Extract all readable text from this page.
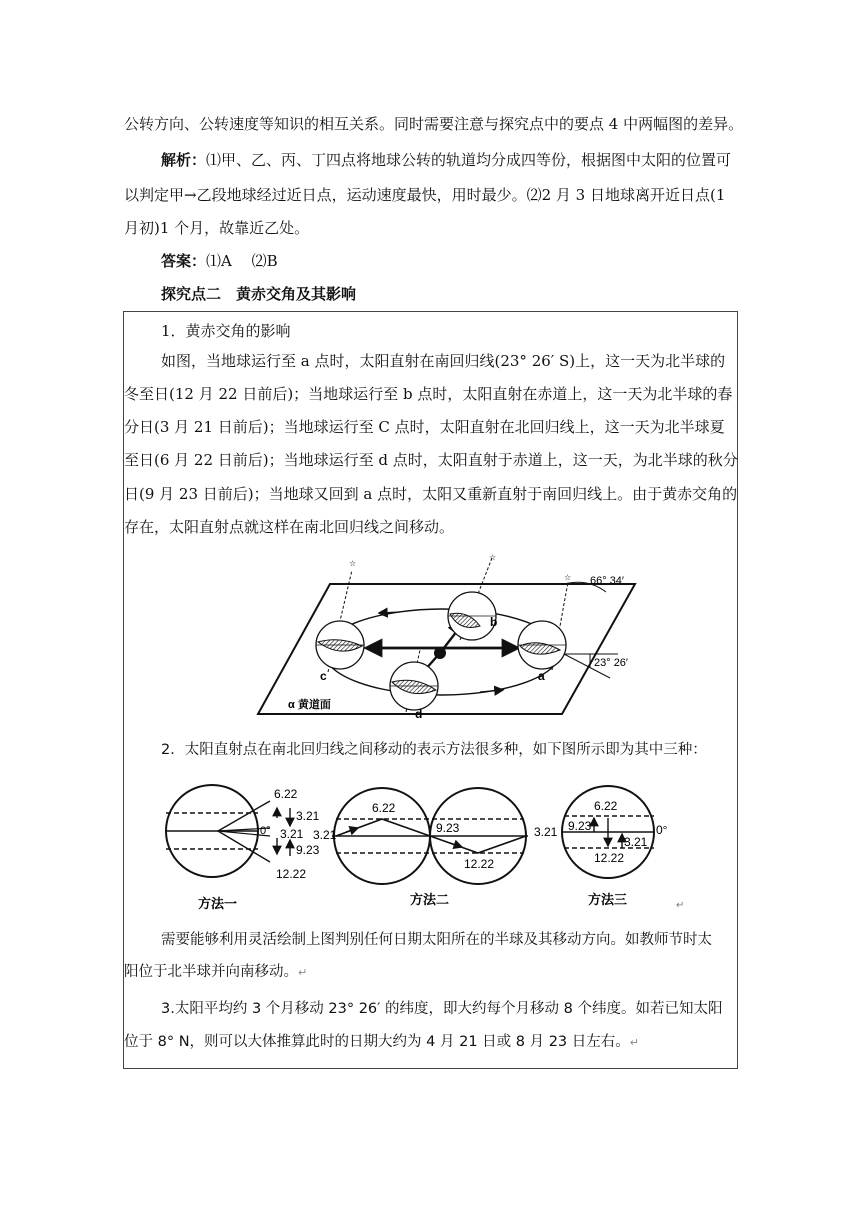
公转方向、公转速度等知识的相互关系。同时需要注意与探究点中的要点 4 中两幅图的差异。
解析：⑴甲、乙、丙、丁四点将地球公转的轨道均分成四等份，根据图中太阳的位置可
以判定甲→乙段地球经过近日点，运动速度最快，用时最少。⑵2 月 3 日地球离开近日点(1
月初)1 个月，故靠近乙处。
答案：⑴A　 ⑵B
探究点二　黄赤交角及其影响
1．黄赤交角的影响
如图，当地球运行至 a 点时，太阳直射在南回归线(23° 26′ S)上，这一天为北半球的
冬至日(12 月 22 日前后)；当地球运行至 b 点时，太阳直射在赤道上，这一天为北半球的春
分日(3 月 21 日前后)；当地球运行至 C 点时，太阳直射在北回归线上，这一天为北半球夏
至日(6 月 22 日前后)；当地球运行至 d 点时，太阳直射于赤道上，这一天，为北半球的秋分
日(9 月 23 日前后)；当地球又回到 a 点时，太阳又重新直射于南回归线上。由于黄赤交角的
存在，太阳直射点就这样在南北回归线之间移动。
☆
☆
☆ 66° 34′
23° 26′
b
c	a
d
α 黄道面
2．太阳直射点在南北回归线之间移动的表示方法很多种，如下图所示即为其中三种：
6.22
3.21
0° 3.21
9.23
12.22
6.22
3.21	9.23
12.22
6.22
9.23
3.21	0°
3.21
12.22
方法一	方法二	方法三	↵
需要能够利用灵活绘制上图判别任何日期太阳所在的半球及其移动方向。如教师节时太
阳位于北半球并向南移动。↵
3.太阳平均约 3 个月移动 23° 26′ 的纬度，即大约每个月移动 8 个纬度。如若已知太阳
位于 8° N，则可以大体推算此时的日期大约为 4 月 21 日或 8 月 23 日左右。↵
